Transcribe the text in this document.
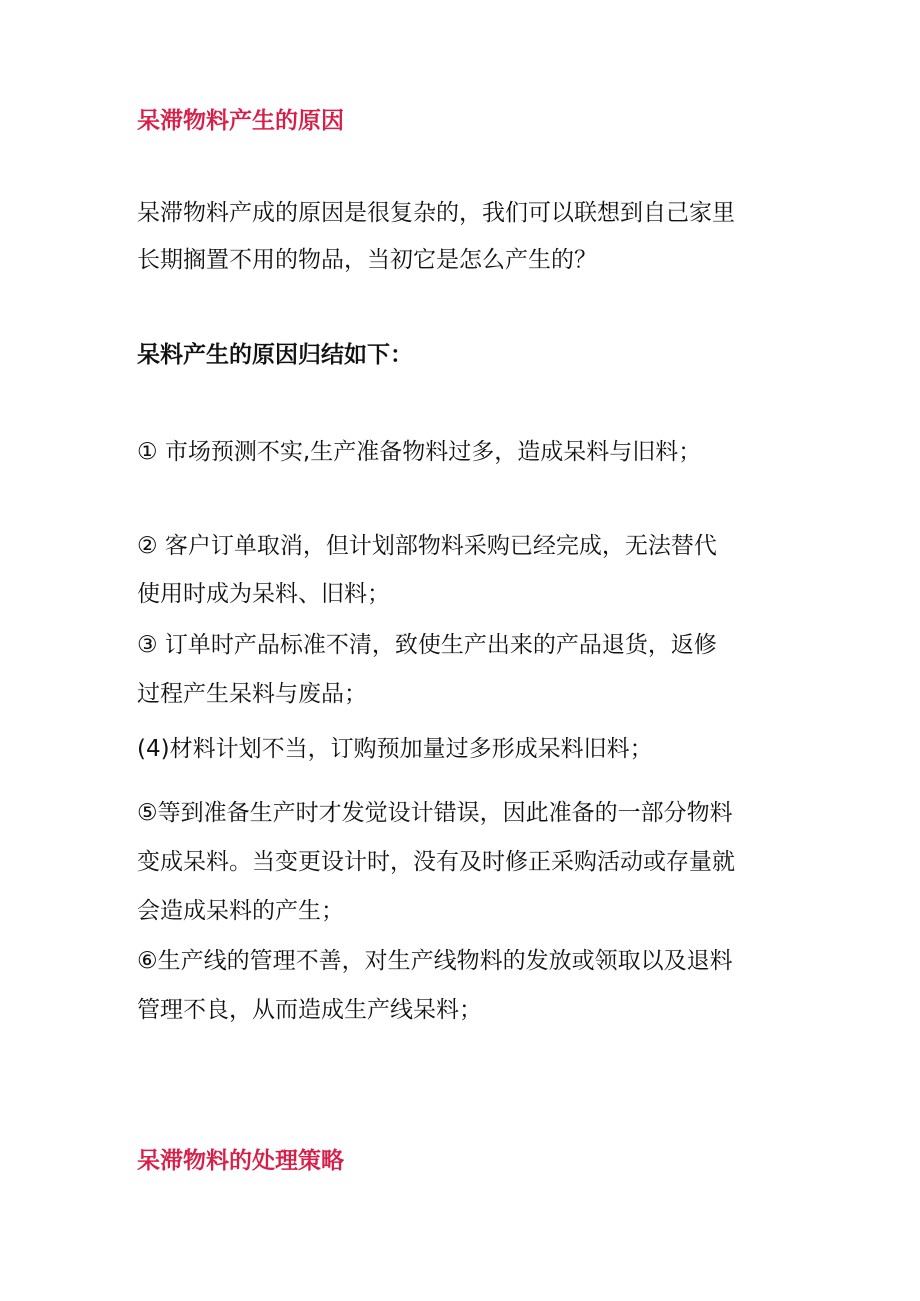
呆滞物料产生的原因

呆滞物料产成的原因是很复杂的，我们可以联想到自己家里

长期搁置不用的物品，当初它是怎么产生的？

呆料产生的原因归结如下：

① 市场预测不实,生产准备物料过多，造成呆料与旧料；

② 客户订单取消，但计划部物料采购已经完成，无法替代

使用时成为呆料、旧料；

③ 订单时产品标准不清，致使生产出来的产品退货，返修

过程产生呆料与废品；

(4)材料计划不当，订购预加量过多形成呆料旧料；

⑤等到准备生产时才发觉设计错误，因此准备的一部分物料

变成呆料。当变更设计时，没有及时修正采购活动或存量就

会造成呆料的产生；

⑥生产线的管理不善，对生产线物料的发放或领取以及退料

管理不良，从而造成生产线呆料；

呆滞物料的处理策略
